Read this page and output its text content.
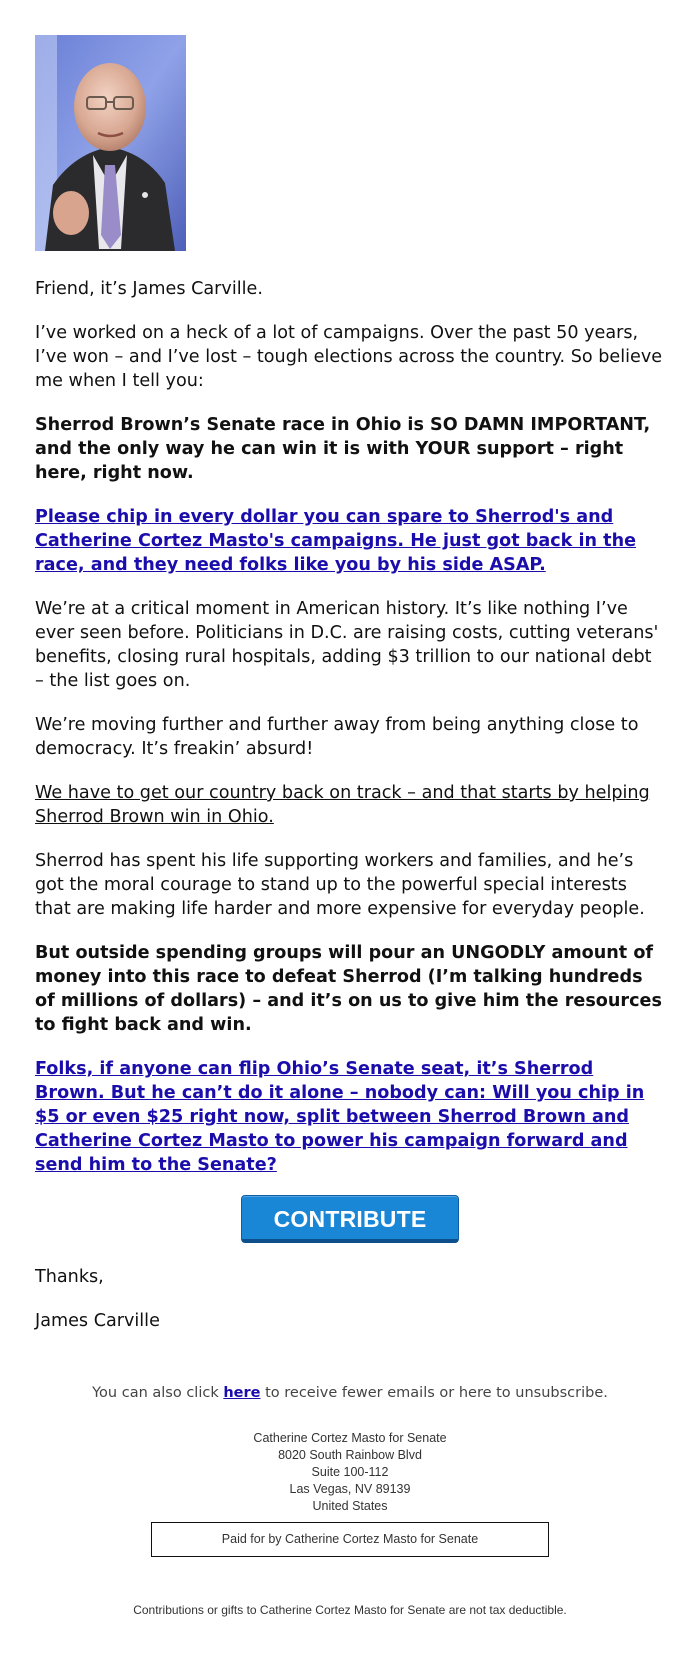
Friend, it’s James Carville.

I’ve worked on a heck of a lot of campaigns. Over the past 50 years, I’ve won – and I’ve lost – tough elections across the country. So believe me when I tell you:

Sherrod Brown’s Senate race in Ohio is SO DAMN IMPORTANT, and the only way he can win it is with YOUR support – right here, right now.

Please chip in every dollar you can spare to Sherrod's and Catherine Cortez Masto's campaigns. He just got back in the race, and they need folks like you by his side ASAP.

We’re at a critical moment in American history. It’s like nothing I’ve ever seen before. Politicians in D.C. are raising costs, cutting veterans' benefits, closing rural hospitals, adding $3 trillion to our national debt – the list goes on.

We’re moving further and further away from being anything close to democracy. It’s freakin’ absurd!

We have to get our country back on track – and that starts by helping Sherrod Brown win in Ohio.

Sherrod has spent his life supporting workers and families, and he’s got the moral courage to stand up to the powerful special interests that are making life harder and more expensive for everyday people.

But outside spending groups will pour an UNGODLY amount of money into this race to defeat Sherrod (I’m talking hundreds of millions of dollars) – and it’s on us to give him the resources to fight back and win.

Folks, if anyone can flip Ohio’s Senate seat, it’s Sherrod Brown. But he can’t do it alone – nobody can: Will you chip in $5 or even $25 right now, split between Sherrod Brown and Catherine Cortez Masto to power his campaign forward and send him to the Senate?

CONTRIBUTE

Thanks,

James Carville

You can also click here to receive fewer emails or here to unsubscribe.

Catherine Cortez Masto for Senate
8020 South Rainbow Blvd
Suite 100-112
Las Vegas, NV 89139
United States
Paid for by Catherine Cortez Masto for Senate
Contributions or gifts to Catherine Cortez Masto for Senate are not tax deductible.
